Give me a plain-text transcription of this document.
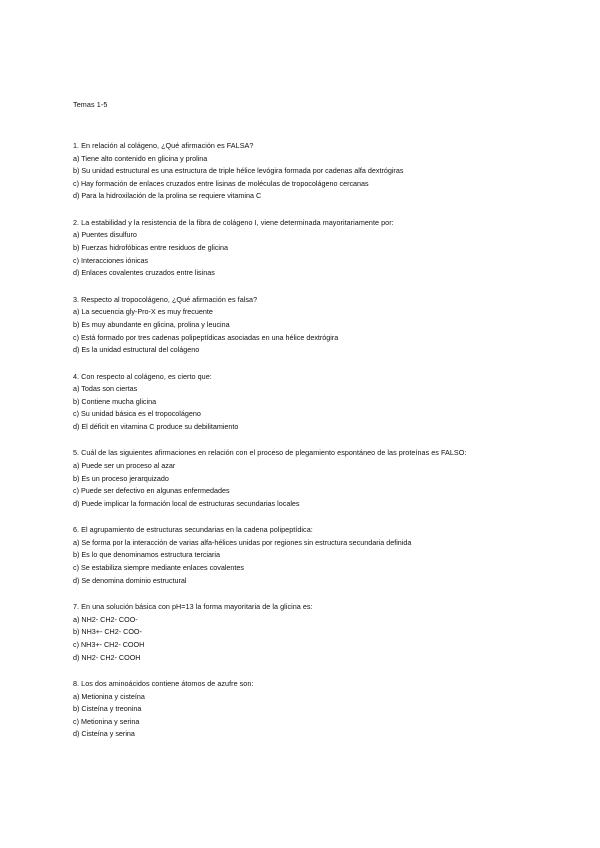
Temas 1-5
1. En relación al colágeno, ¿Qué afirmación es FALSA?
a) Tiene alto contenido en glicina y prolina
b) Su unidad estructural es una estructura de triple hélice levógira formada por cadenas alfa dextrógiras
c) Hay formación de enlaces cruzados entre lisinas de moléculas de tropocolágeno cercanas
d) Para la hidroxilación de la prolina se requiere vitamina C
2. La estabilidad y la resistencia de la fibra de colágeno I, viene determinada mayoritariamente por:
a) Puentes disulfuro
b) Fuerzas hidrofóbicas entre residuos de glicina
c) Interacciones iónicas
d) Enlaces covalentes cruzados entre lisinas
3. Respecto al tropocolágeno, ¿Qué afirmación es falsa?
a) La secuencia gly-Pro-X es muy frecuente
b) Es muy abundante en glicina, prolina y leucina
c) Está formado por tres cadenas polipeptídicas asociadas en una hélice dextrógira
d) Es la unidad estructural del colágeno
4. Con respecto al colágeno, es cierto que:
a) Todas son ciertas
b) Contiene mucha glicina
c) Su unidad básica es el tropocolágeno
d) El déficit en vitamina C produce su debilitamiento
5. Cuál de las siguientes afirmaciones en relación con el proceso de plegamiento espontáneo de las proteínas es FALSO:
a) Puede ser un proceso al azar
b) Es un proceso jerarquizado
c) Puede ser defectivo en algunas enfermedades
d) Puede implicar la formación local de estructuras secundarias locales
6. El agrupamiento de estructuras secundarias en la cadena polipeptídica:
a) Se forma por la interacción de varias alfa-hélices unidas por regiones sin estructura secundaria definida
b) Es lo que denominamos estructura terciaria
c) Se estabiliza siempre mediante enlaces covalentes
d) Se denomina dominio estructural
7. En una solución básica con pH=13 la forma mayoritaria de la glicina es:
a) NH2- CH2- COO-
b) NH3+- CH2- COO-
c) NH3+- CH2- COOH
d) NH2- CH2- COOH
8. Los dos aminoácidos contiene átomos de azufre son:
a) Metionina y cisteína
b) Cisteína y treonina
c) Metionina y serina
d) Cisteína y serina
